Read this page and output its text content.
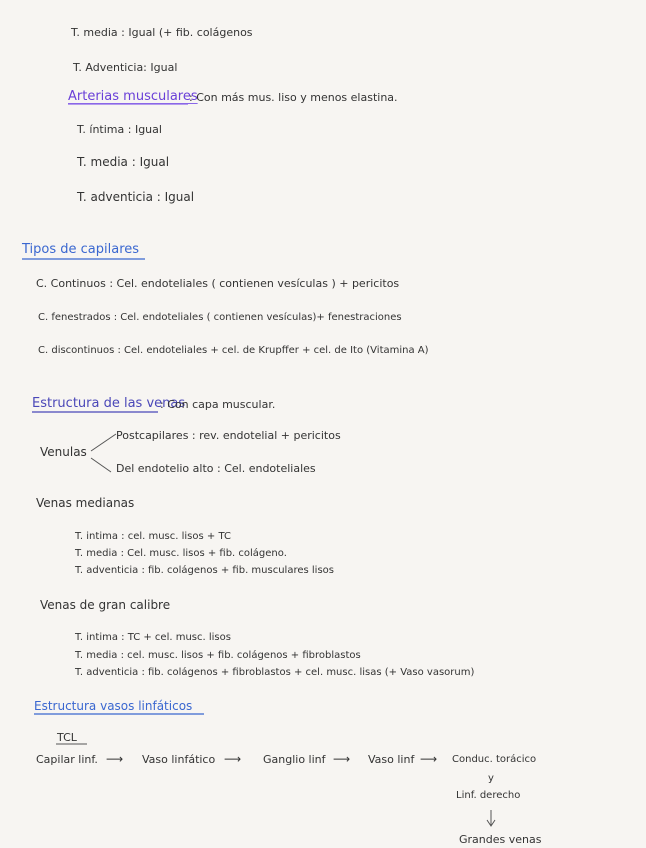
T. media : Igual (+ fib. colágenos
T. Adventicia: Igual
Arterias musculares
: Con más mus. liso y menos elastina.
T. íntima : Igual
T. media : Igual
T. adventicia : Igual
Tipos de capilares
C. Continuos : Cel. endoteliales ( contienen vesículas ) + pericitos
C. fenestrados : Cel. endoteliales ( contienen vesículas)+ fenestraciones
C. discontinuos : Cel. endoteliales + cel. de Krupffer + cel. de Ito (Vitamina A)
Estructura de las venas
: Con capa muscular.
Venulas
Postcapilares : rev. endotelial + pericitos
Del endotelio alto : Cel. endoteliales
Venas medianas
T. intima : cel. musc. lisos + TC
T. media : Cel. musc. lisos + fib. colágeno.
T. adventicia : fib. colágenos + fib. musculares lisos
Venas de gran calibre
T. intima : TC + cel. musc. lisos
T. media : cel. musc. lisos + fib. colágenos + fibroblastos
T. adventicia : fib. colágenos + fibroblastos + cel. musc. lisas (+ Vaso vasorum)
Estructura vasos linfáticos
TCL
Capilar linf. ⟶ Vaso linfático ⟶ Ganglio linf ⟶ Vaso linf ⟶ Conduc. torácico
y
Linf. derecho
Grandes venas
